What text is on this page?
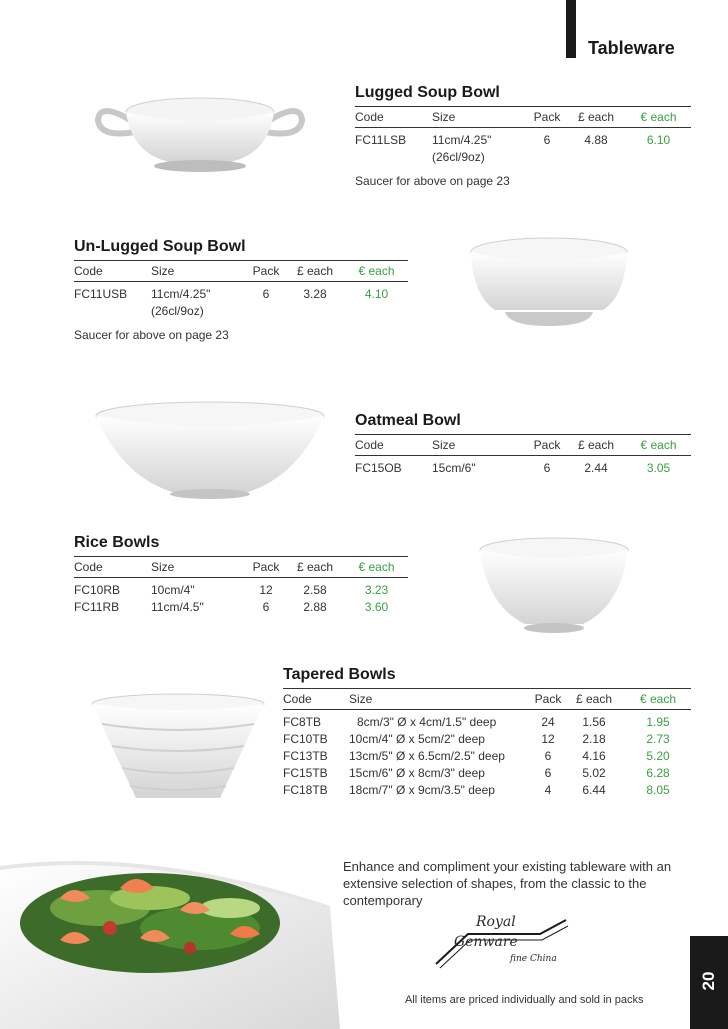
Tableware
Lugged Soup Bowl
Code	Size	Pack	£ each	€ each
FC11LSB	11cm/4.25"	6	4.88	6.10
	(26cl/9oz)			
Saucer for above on page 23
Un-Lugged Soup Bowl
Code	Size	Pack	£ each	€ each
FC11USB	11cm/4.25"	6	3.28	4.10
	(26cl/9oz)			
Saucer for above on page 23
Oatmeal Bowl
Code	Size	Pack	£ each	€ each
FC15OB	15cm/6"	6	2.44	3.05
Rice Bowls
Code	Size	Pack	£ each	€ each
FC10RB	10cm/4"	12	2.58	3.23
FC11RB	11cm/4.5"	6	2.88	3.60
Tapered Bowls
Code	Size	Pack	£ each	€ each
FC8TB	8cm/3" Ø x 4cm/1.5" deep	24	1.56	1.95
FC10TB	10cm/4" Ø x 5cm/2" deep	12	2.18	2.73
FC13TB	13cm/5" Ø x 6.5cm/2.5" deep	6	4.16	5.20
FC15TB	15cm/6" Ø x 8cm/3" deep	6	5.02	6.28
FC18TB	18cm/7" Ø x 9cm/3.5" deep	4	6.44	8.05
Enhance and compliment your existing tableware with an extensive selection of shapes, from the classic to the contemporary
Royal
Genware
fine China
All items are priced individually and sold in packs
20
